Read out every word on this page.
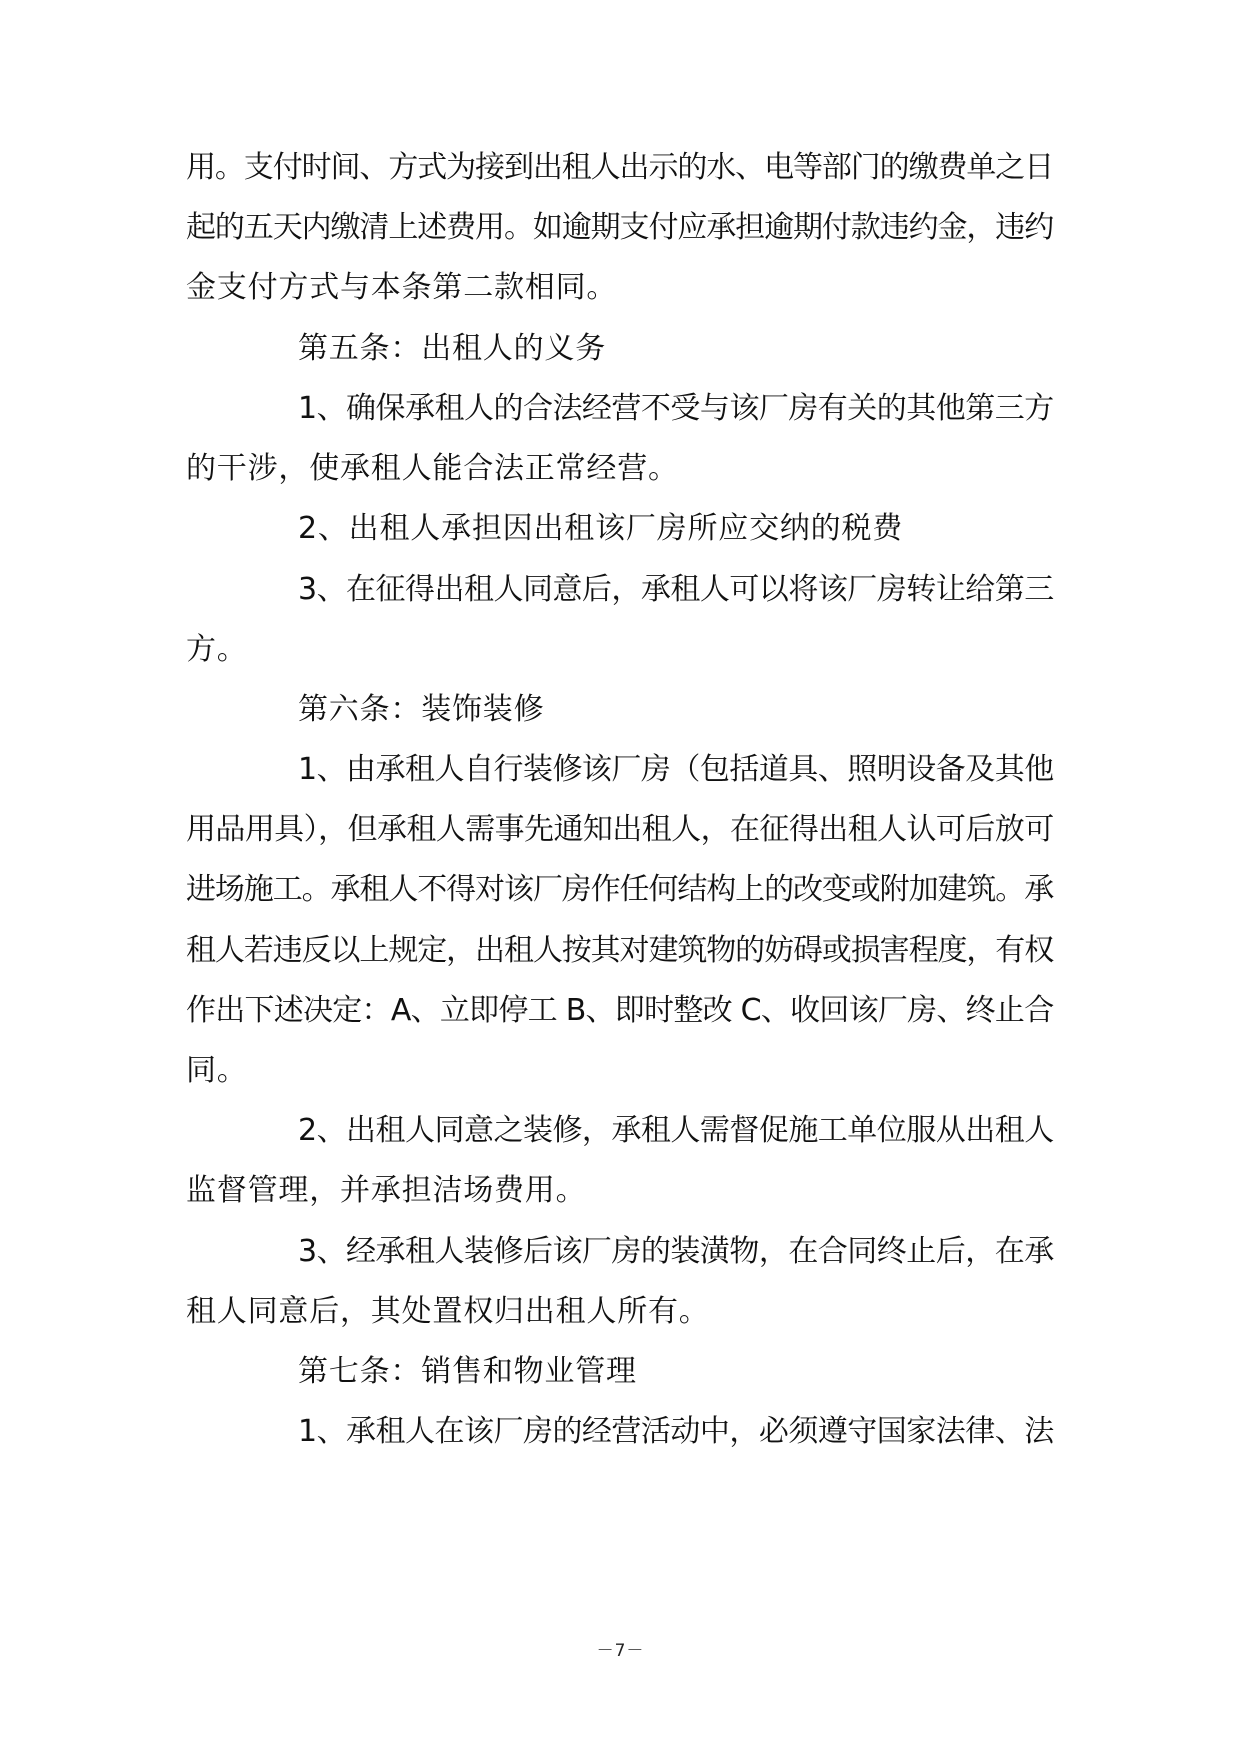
用。支付时间、方式为接到出租人出示的水、电等部门的缴费单之日
起的五天内缴清上述费用。如逾期支付应承担逾期付款违约金，违约
金支付方式与本条第二款相同。
第五条：出租人的义务
1、确保承租人的合法经营不受与该厂房有关的其他第三方
的干涉，使承租人能合法正常经营。
2、出租人承担因出租该厂房所应交纳的税费
3、在征得出租人同意后，承租人可以将该厂房转让给第三
方。
第六条：装饰装修
1、由承租人自行装修该厂房（包括道具、照明设备及其他
用品用具），但承租人需事先通知出租人，在征得出租人认可后放可
进场施工。承租人不得对该厂房作任何结构上的改变或附加建筑。承
租人若违反以上规定，出租人按其对建筑物的妨碍或损害程度，有权
作出下述决定：A、立即停工 B、即时整改 C、收回该厂房、终止合
同。
2、出租人同意之装修，承租人需督促施工单位服从出租人
监督管理，并承担洁场费用。
3、经承租人装修后该厂房的装潢物，在合同终止后，在承
租人同意后，其处置权归出租人所有。
第七条：销售和物业管理
1、承租人在该厂房的经营活动中，必须遵守国家法律、法
－7－
